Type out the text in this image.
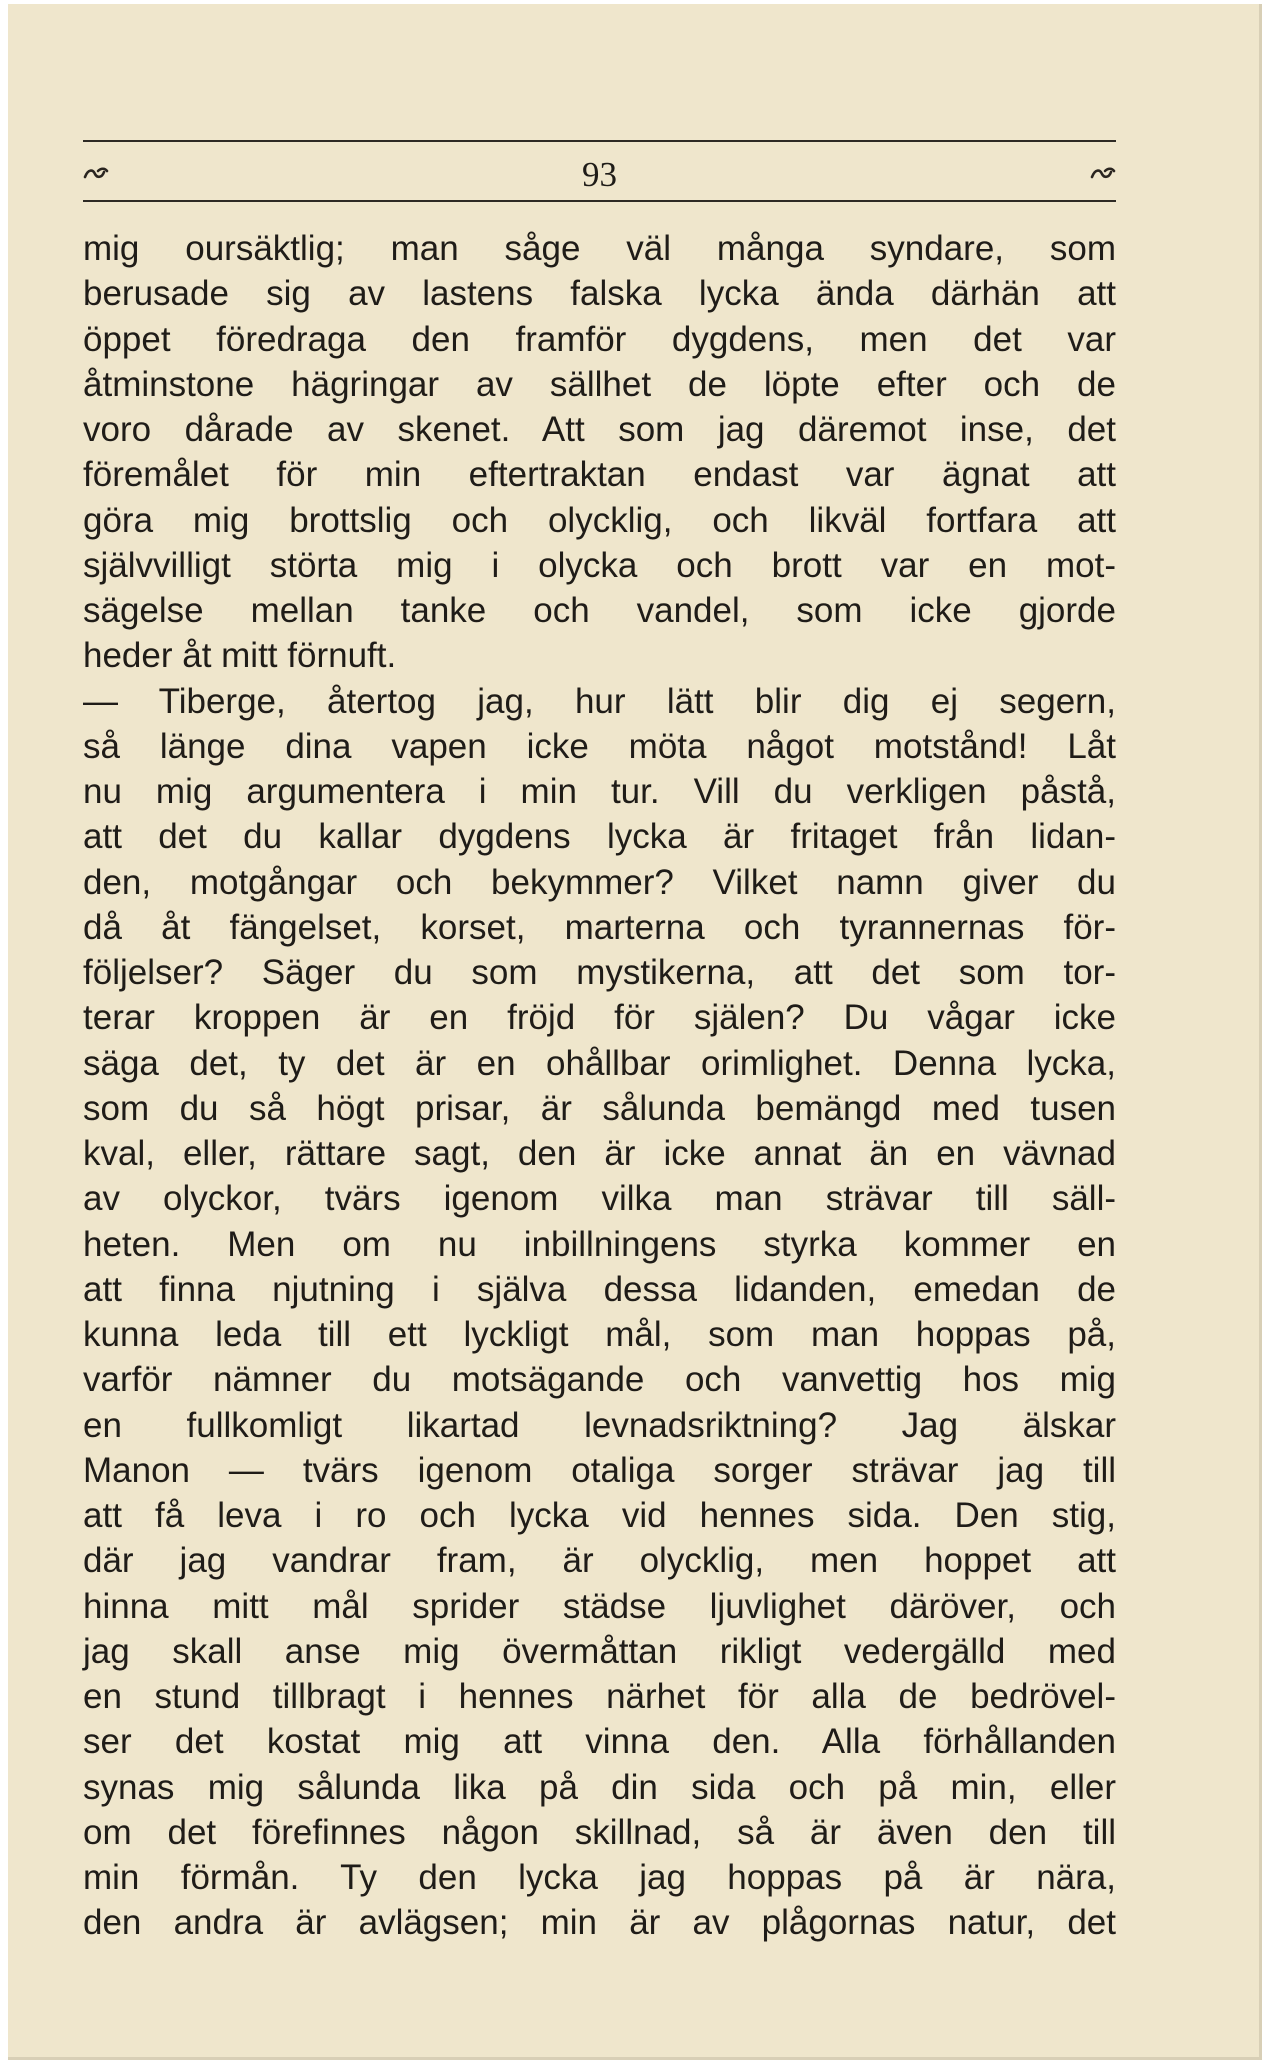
93
mig oursäktlig; man såge väl många syndare, som
berusade sig av lastens falska lycka ända därhän att
öppet föredraga den framför dygdens, men det var
åtminstone hägringar av sällhet de löpte efter och de
voro dårade av skenet. Att som jag däremot inse, det
föremålet för min eftertraktan endast var ägnat att
göra mig brottslig och olycklig, och likväl fortfara att
självvilligt störta mig i olycka och brott var en mot-
sägelse mellan tanke och vandel, som icke gjorde
heder åt mitt förnuft.
— Tiberge, återtog jag, hur lätt blir dig ej segern,
så länge dina vapen icke möta något motstånd! Låt
nu mig argumentera i min tur. Vill du verkligen påstå,
att det du kallar dygdens lycka är fritaget från lidan-
den, motgångar och bekymmer? Vilket namn giver du
då åt fängelset, korset, marterna och tyrannernas för-
följelser? Säger du som mystikerna, att det som tor-
terar kroppen är en fröjd för själen? Du vågar icke
säga det, ty det är en ohållbar orimlighet. Denna lycka,
som du så högt prisar, är sålunda bemängd med tusen
kval, eller, rättare sagt, den är icke annat än en vävnad
av olyckor, tvärs igenom vilka man strävar till säll-
heten. Men om nu inbillningens styrka kommer en
att finna njutning i själva dessa lidanden, emedan de
kunna leda till ett lyckligt mål, som man hoppas på,
varför nämner du motsägande och vanvettig hos mig
en fullkomligt likartad levnadsriktning? Jag älskar
Manon — tvärs igenom otaliga sorger strävar jag till
att få leva i ro och lycka vid hennes sida. Den stig,
där jag vandrar fram, är olycklig, men hoppet att
hinna mitt mål sprider städse ljuvlighet däröver, och
jag skall anse mig övermåttan rikligt vedergälld med
en stund tillbragt i hennes närhet för alla de bedrövel-
ser det kostat mig att vinna den. Alla förhållanden
synas mig sålunda lika på din sida och på min, eller
om det förefinnes någon skillnad, så är även den till
min förmån. Ty den lycka jag hoppas på är nära,
den andra är avlägsen; min är av plågornas natur, det
